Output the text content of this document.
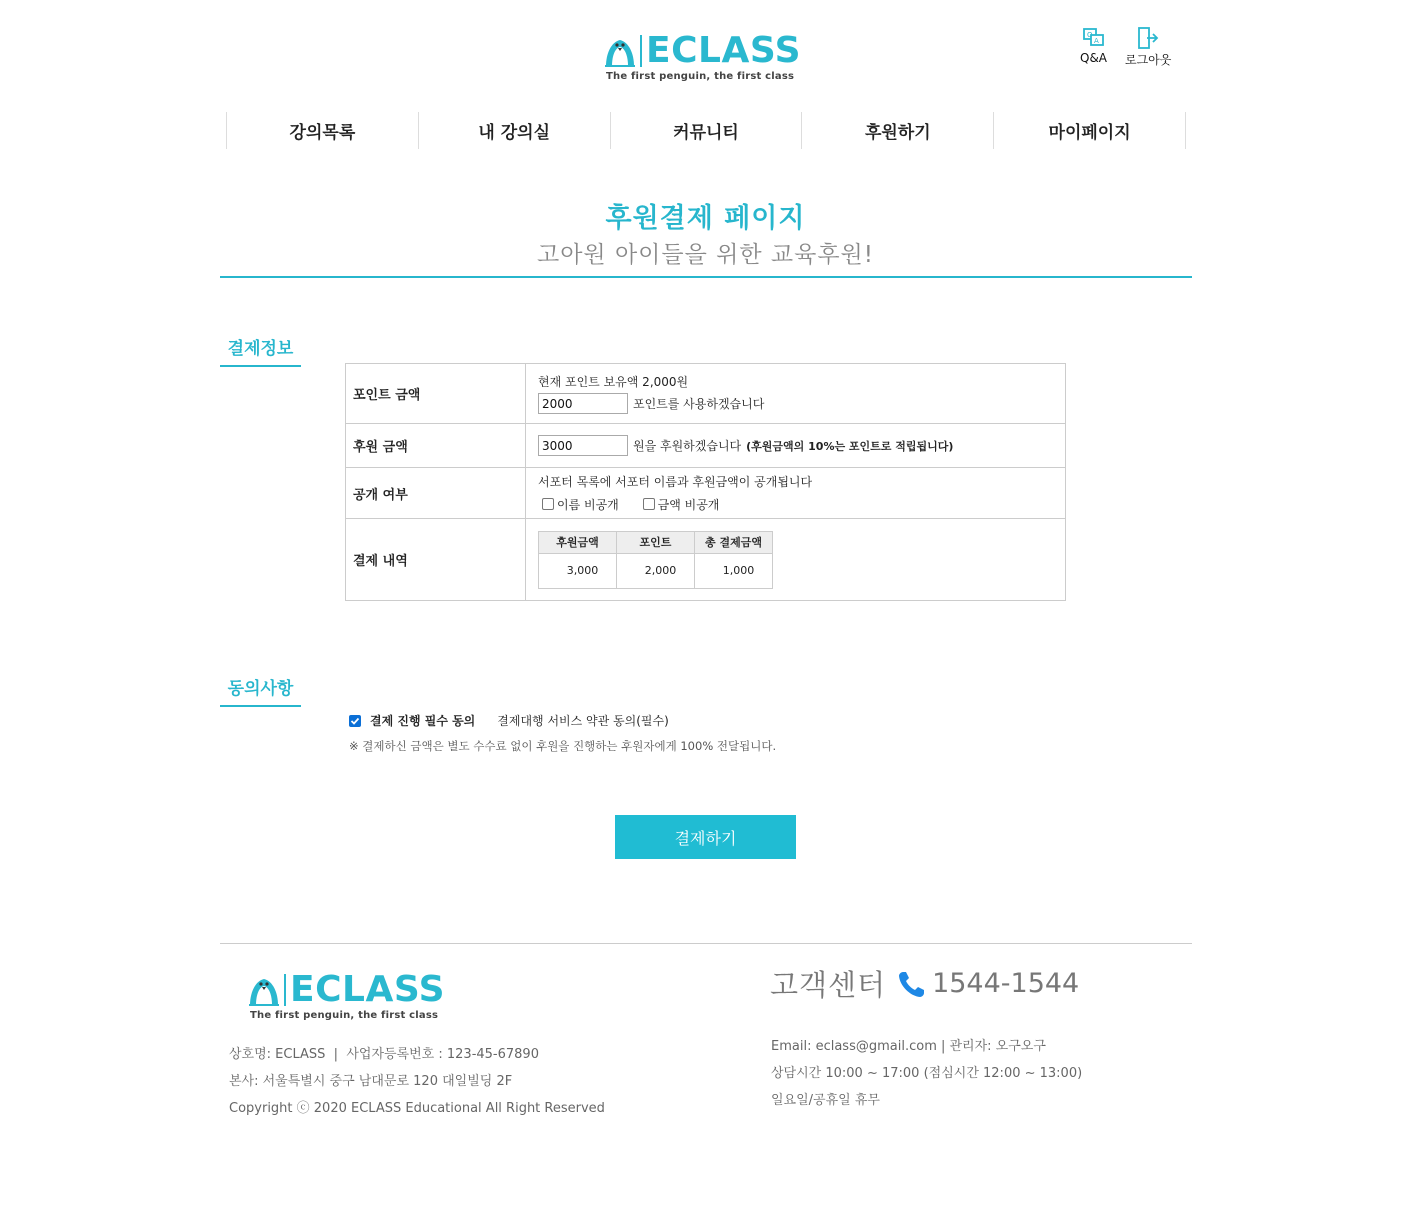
ECLASS
The first penguin, the first class
Q
A
Q&A 로그아웃
강의목록	내 강의실	커뮤니티	후원하기	마이페이지
후원결제 페이지
고아원 아이들을 위한 교육후원!
결제정보
포인트 금액	
현재 포인트 보유액 2,000원
2000
포인트를 사용하겠습니다

후원 금액	
3000원을 후원하겠습니다 (후원금액의 10%는 포인트로 적립됩니다)

공개 여부	
서포터 목록에 서포터 이름과 후원금액이 공개됩니다
이름 비공개
	금액 비공개

결제 내역	
후원금액	포인트	총 결제금액
3,000	2,000	1,000
동의사항
결제 진행 필수 동의 결제대행 서비스 약관 동의(필수)
※ 결제하신 금액은 별도 수수료 없이 후원을 진행하는 후원자에게 100% 전달됩니다.
결제하기
ECLASS
The first penguin, the first class
상호명: ECLASS  |  사업자등록번호 : 123-45-67890
본사: 서울특별시 중구 남대문로 120 대일빌딩 2F
Copyright ⓒ 2020 ECLASS Educational All Right Reserved
고객센터 1544-1544
Email: eclass@gmail.com | 관리자: 오구오구
상담시간 10:00 ~ 17:00 (점심시간 12:00 ~ 13:00)
일요일/공휴일 휴무
